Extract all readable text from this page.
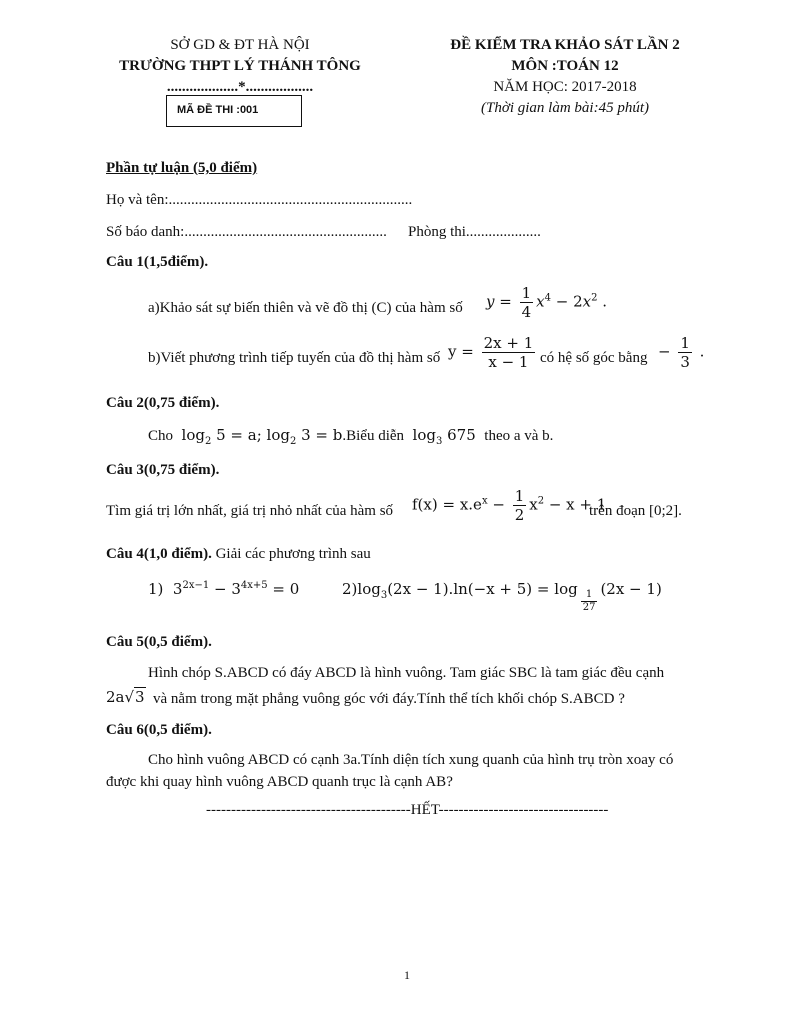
SỞ GD & ĐT HÀ NỘI
TRƯỜNG THPT LÝ THÁNH TÔNG
...................*..................
MÃ ĐỀ THI :001
ĐỀ KIỂM TRA KHẢO SÁT LẦN 2
MÔN :TOÁN 12
NĂM HỌC: 2017-2018
(Thời gian làm bài:45 phút)
Phần tự luận (5,0 điểm)
Họ và tên:.................................................................
Số báo danh:...................................................... Phòng thi....................
Câu 1(1,5điểm).
a)Khảo sát sự biến thiên và vẽ đồ thị (C) của hàm số $y = \frac{1}{4} x^4 - 2x^2$ .
b)Viết phương trình tiếp tuyến của đồ thị hàm số $y = \frac{2x + 1}{x - 1}$ có hệ số góc bằng − $\frac{1}{3}$ .
Câu 2(0,75 điểm).
Cho  $\log_2 5 = a$; $\log_2 3$ = b.Biểu diễn  $\log_3 675$  theo a và b.
Câu 3(0,75 điểm).
Tìm giá trị lớn nhất, giá trị nhỏ nhất của hàm số $f(x) = x.e^x - \frac{1}{2} x^2 - x + 1$
trên đoạn [0;2].
Câu 4(1,0 điểm). Giải các phương trình sau
1)  $3^{2x-1} - 3^{4x+5} = 0$	$2)\log_3(2x - 1).\ln(-x + 5) = \log _{\frac{1}{27}}$ (2x − 1)
Câu 5(0,5 điểm).
Hình chóp S.ABCD có đáy ABCD là hình vuông. Tam giác SBC là tam giác đều cạnh
2a√3 và nằm trong mặt phẳng vuông góc với đáy.Tính thể tích khối chóp S.ABCD ?
Câu 6(0,5 điểm).
Cho hình vuông ABCD có cạnh 3a.Tính diện tích xung quanh của hình trụ tròn xoay có
được khi quay hình vuông ABCD quanh trục là cạnh AB?
-----------------------------------------HẾT----------------------------------
1
